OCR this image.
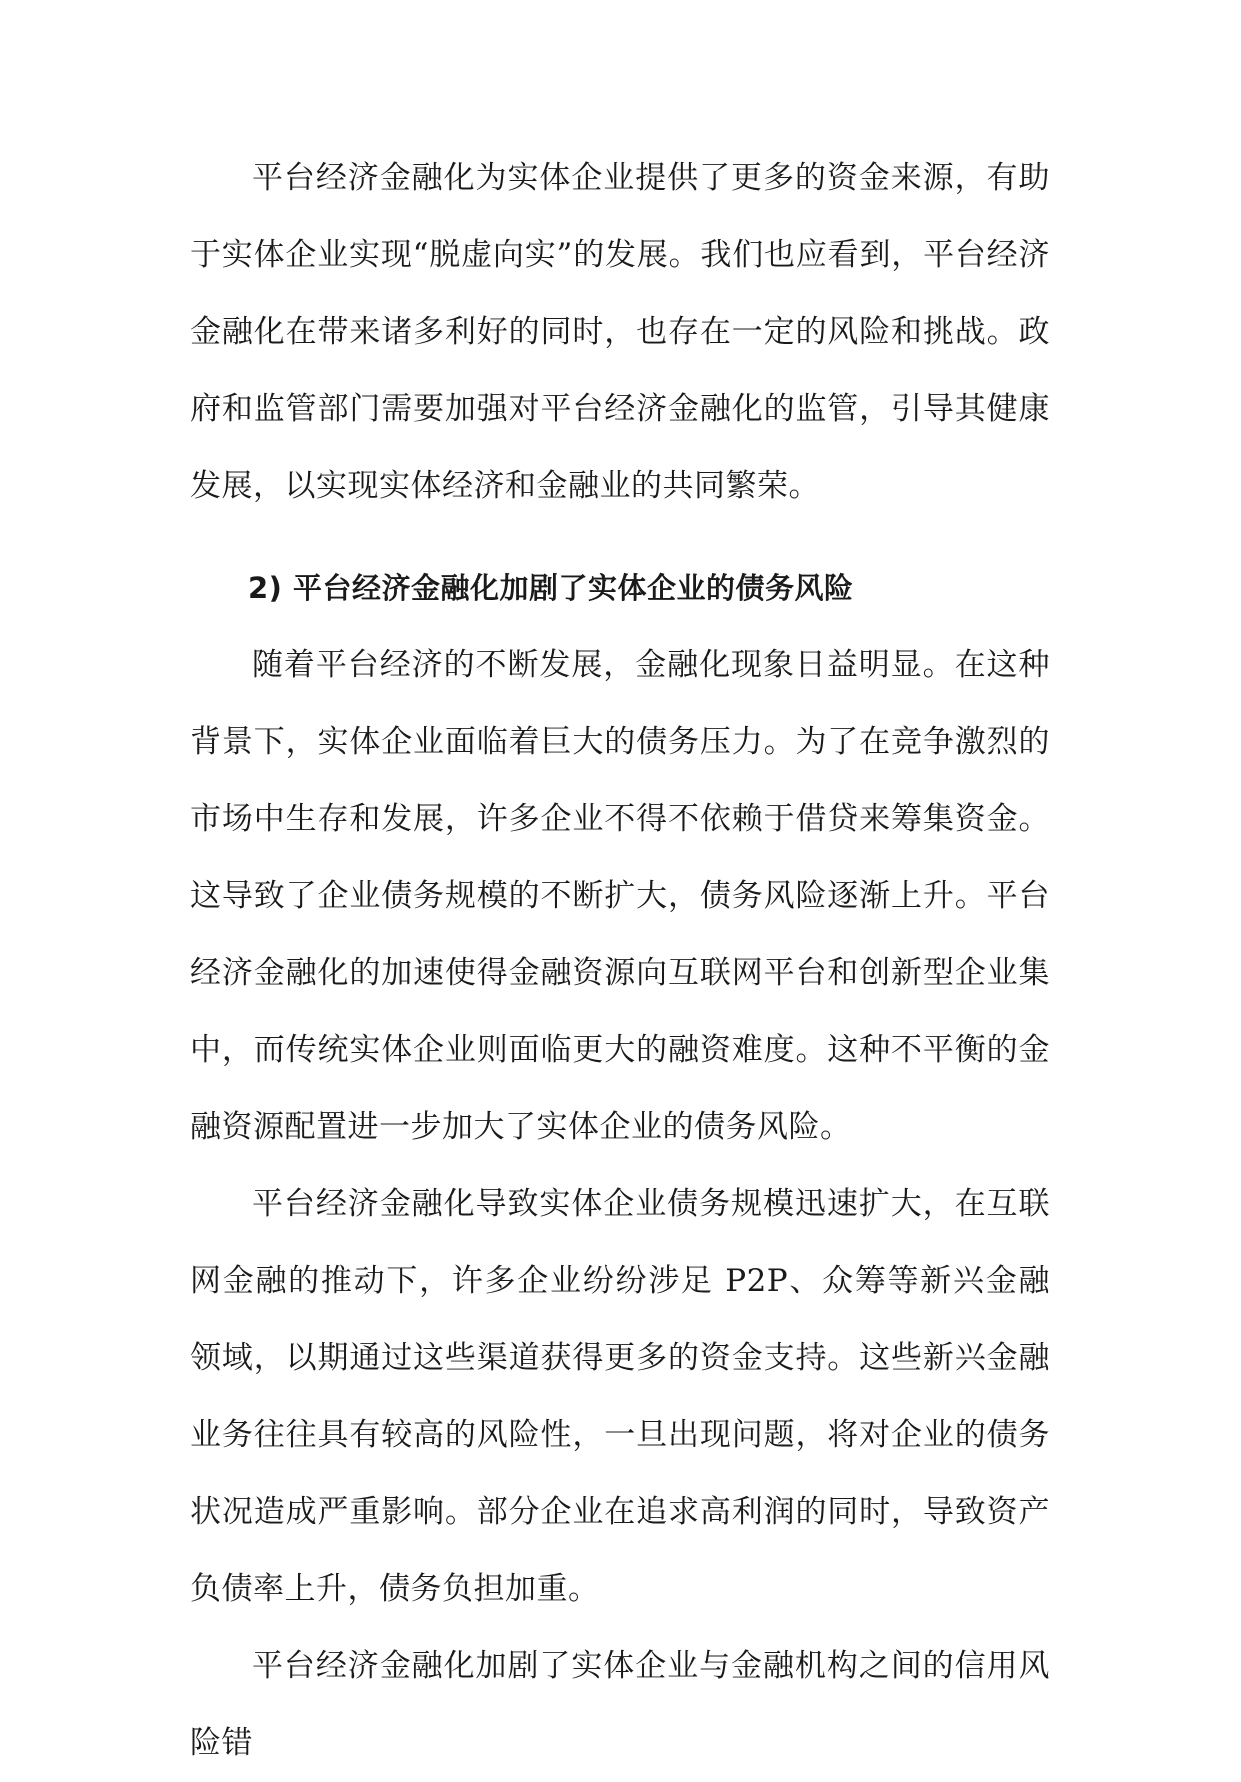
平台经济金融化为实体企业提供了更多的资金来源，有助于实体企业实现“脱虚向实”的发展。我们也应看到，平台经济金融化在带来诸多利好的同时，也存在一定的风险和挑战。政府和监管部门需要加强对平台经济金融化的监管，引导其健康发展，以实现实体经济和金融业的共同繁荣。

2) 平台经济金融化加剧了实体企业的债务风险

随着平台经济的不断发展，金融化现象日益明显。在这种背景下，实体企业面临着巨大的债务压力。为了在竞争激烈的市场中生存和发展，许多企业不得不依赖于借贷来筹集资金。这导致了企业债务规模的不断扩大，债务风险逐渐上升。平台经济金融化的加速使得金融资源向互联网平台和创新型企业集中，而传统实体企业则面临更大的融资难度。这种不平衡的金融资源配置进一步加大了实体企业的债务风险。

平台经济金融化导致实体企业债务规模迅速扩大，在互联网金融的推动下，许多企业纷纷涉足 P2P、众筹等新兴金融领域，以期通过这些渠道获得更多的资金支持。这些新兴金融业务往往具有较高的风险性，一旦出现问题，将对企业的债务状况造成严重影响。部分企业在追求高利润的同时，导致资产负债率上升，债务负担加重。

平台经济金融化加剧了实体企业与金融机构之间的信用风险错
